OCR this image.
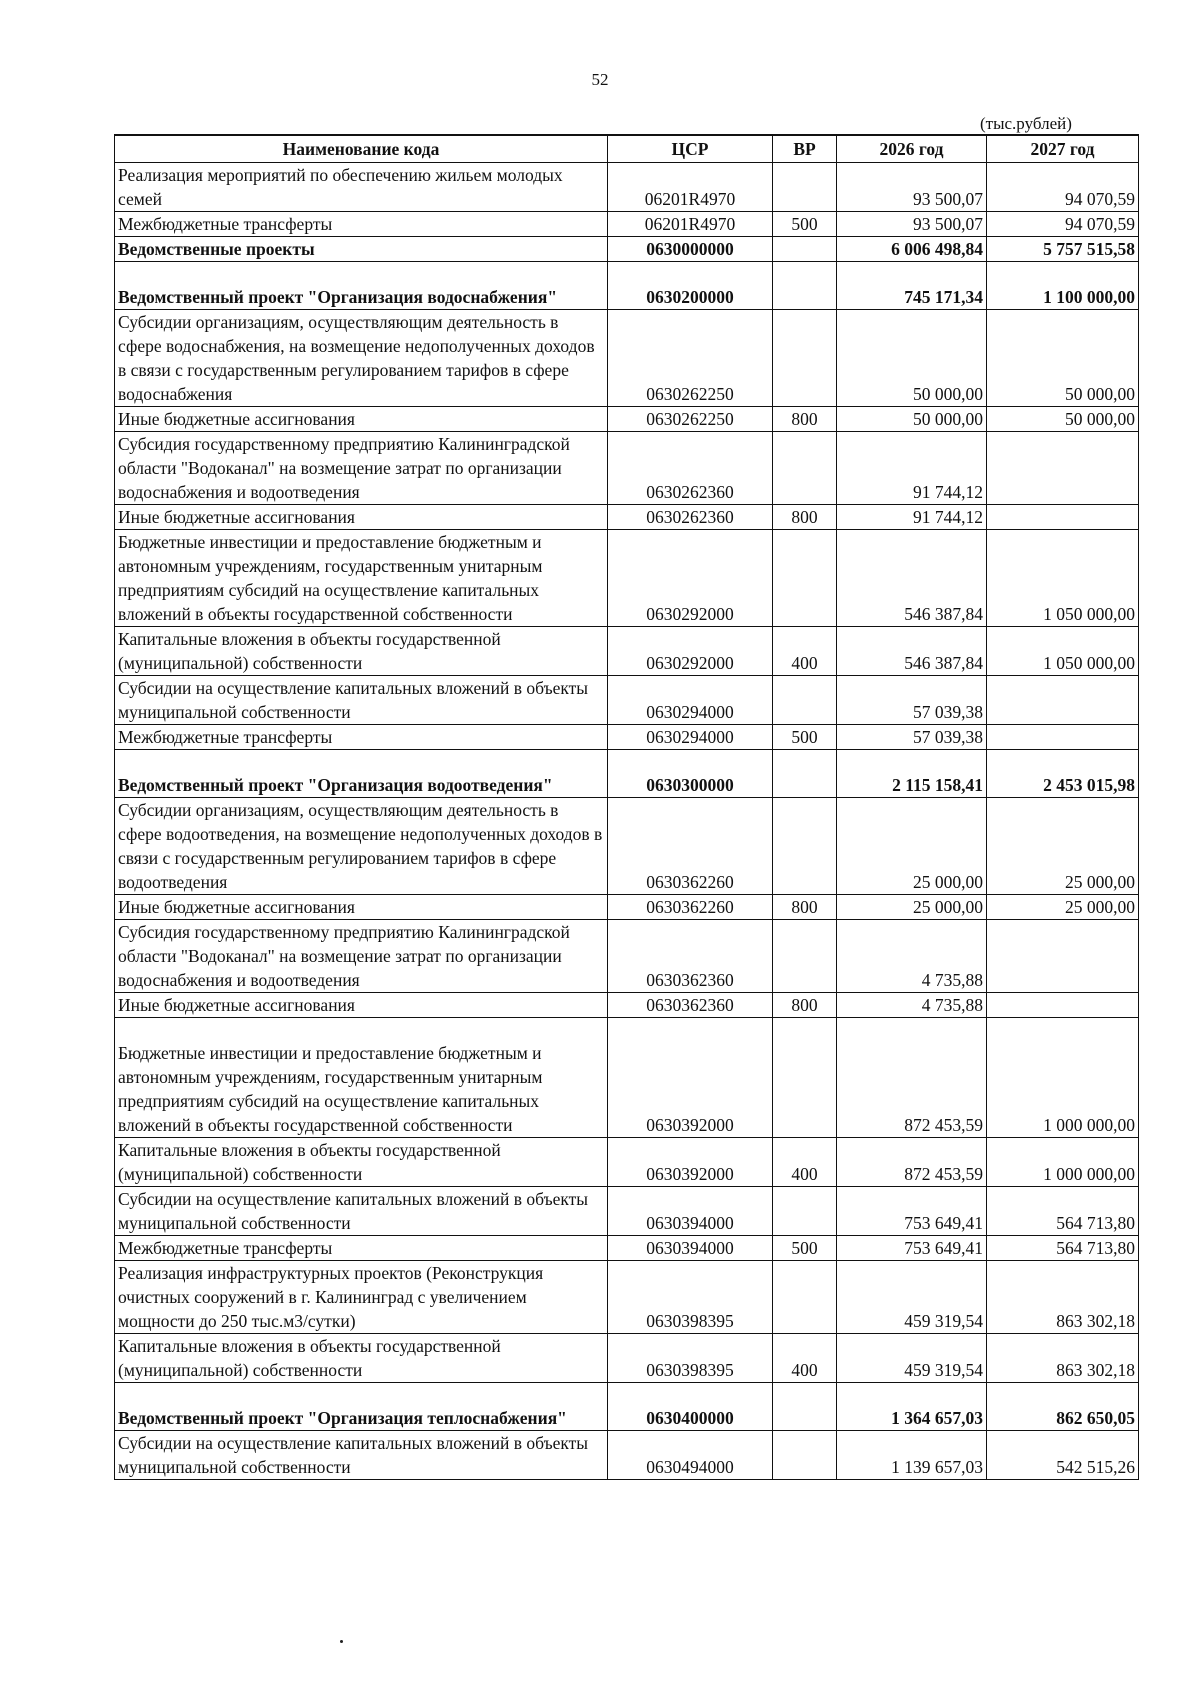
52
(тыс.рублей)
Наименование кода	ЦСР	ВР	2026 год	2027 год
Реализация мероприятий по обеспечению жильем молодых семей	06201R4970		93 500,07	94 070,59
Межбюджетные трансферты	06201R4970	500	93 500,07	94 070,59
Ведомственные проекты	0630000000		6 006 498,84	5 757 515,58
Ведомственный проект "Организация водоснабжения"	0630200000		745 171,34	1 100 000,00
Субсидии организациям, осуществляющим деятельность в сфере водоснабжения, на возмещение недополученных доходов в связи с государственным регулированием тарифов в сфере водоснабжения	0630262250		50 000,00	50 000,00
Иные бюджетные ассигнования	0630262250	800	50 000,00	50 000,00
Субсидия государственному предприятию Калининградской области "Водоканал" на возмещение затрат по организации водоснабжения и водоотведения	0630262360		91 744,12	
Иные бюджетные ассигнования	0630262360	800	91 744,12	
Бюджетные инвестиции и предоставление бюджетным и автономным учреждениям, государственным унитарным предприятиям субсидий на осуществление капитальных вложений в объекты государственной собственности	0630292000		546 387,84	1 050 000,00
Капитальные вложения в объекты государственной (муниципальной) собственности	0630292000	400	546 387,84	1 050 000,00
Субсидии на осуществление капитальных вложений в объекты муниципальной собственности	0630294000		57 039,38	
Межбюджетные трансферты	0630294000	500	57 039,38	
Ведомственный проект "Организация водоотведения"	0630300000		2 115 158,41	2 453 015,98
Субсидии организациям, осуществляющим деятельность в сфере водоотведения, на возмещение недополученных доходов в связи с государственным регулированием тарифов в сфере водоотведения	0630362260		25 000,00	25 000,00
Иные бюджетные ассигнования	0630362260	800	25 000,00	25 000,00
Субсидия государственному предприятию Калининградской области "Водоканал" на возмещение затрат по организации водоснабжения и водоотведения	0630362360		4 735,88	
Иные бюджетные ассигнования	0630362360	800	4 735,88	
Бюджетные инвестиции и предоставление бюджетным и автономным учреждениям, государственным унитарным предприятиям субсидий на осуществление капитальных вложений в объекты государственной собственности	0630392000		872 453,59	1 000 000,00
Капитальные вложения в объекты государственной (муниципальной) собственности	0630392000	400	872 453,59	1 000 000,00
Субсидии на осуществление капитальных вложений в объекты муниципальной собственности	0630394000		753 649,41	564 713,80
Межбюджетные трансферты	0630394000	500	753 649,41	564 713,80
Реализация инфраструктурных проектов (Реконструкция очистных сооружений в г. Калининград с увеличением мощности до 250 тыс.м3/сутки)	0630398395		459 319,54	863 302,18
Капитальные вложения в объекты государственной (муниципальной) собственности	0630398395	400	459 319,54	863 302,18
Ведомственный проект "Организация теплоснабжения"	0630400000		1 364 657,03	862 650,05
Субсидии на осуществление капитальных вложений в объекты муниципальной собственности	0630494000		1 139 657,03	542 515,26
